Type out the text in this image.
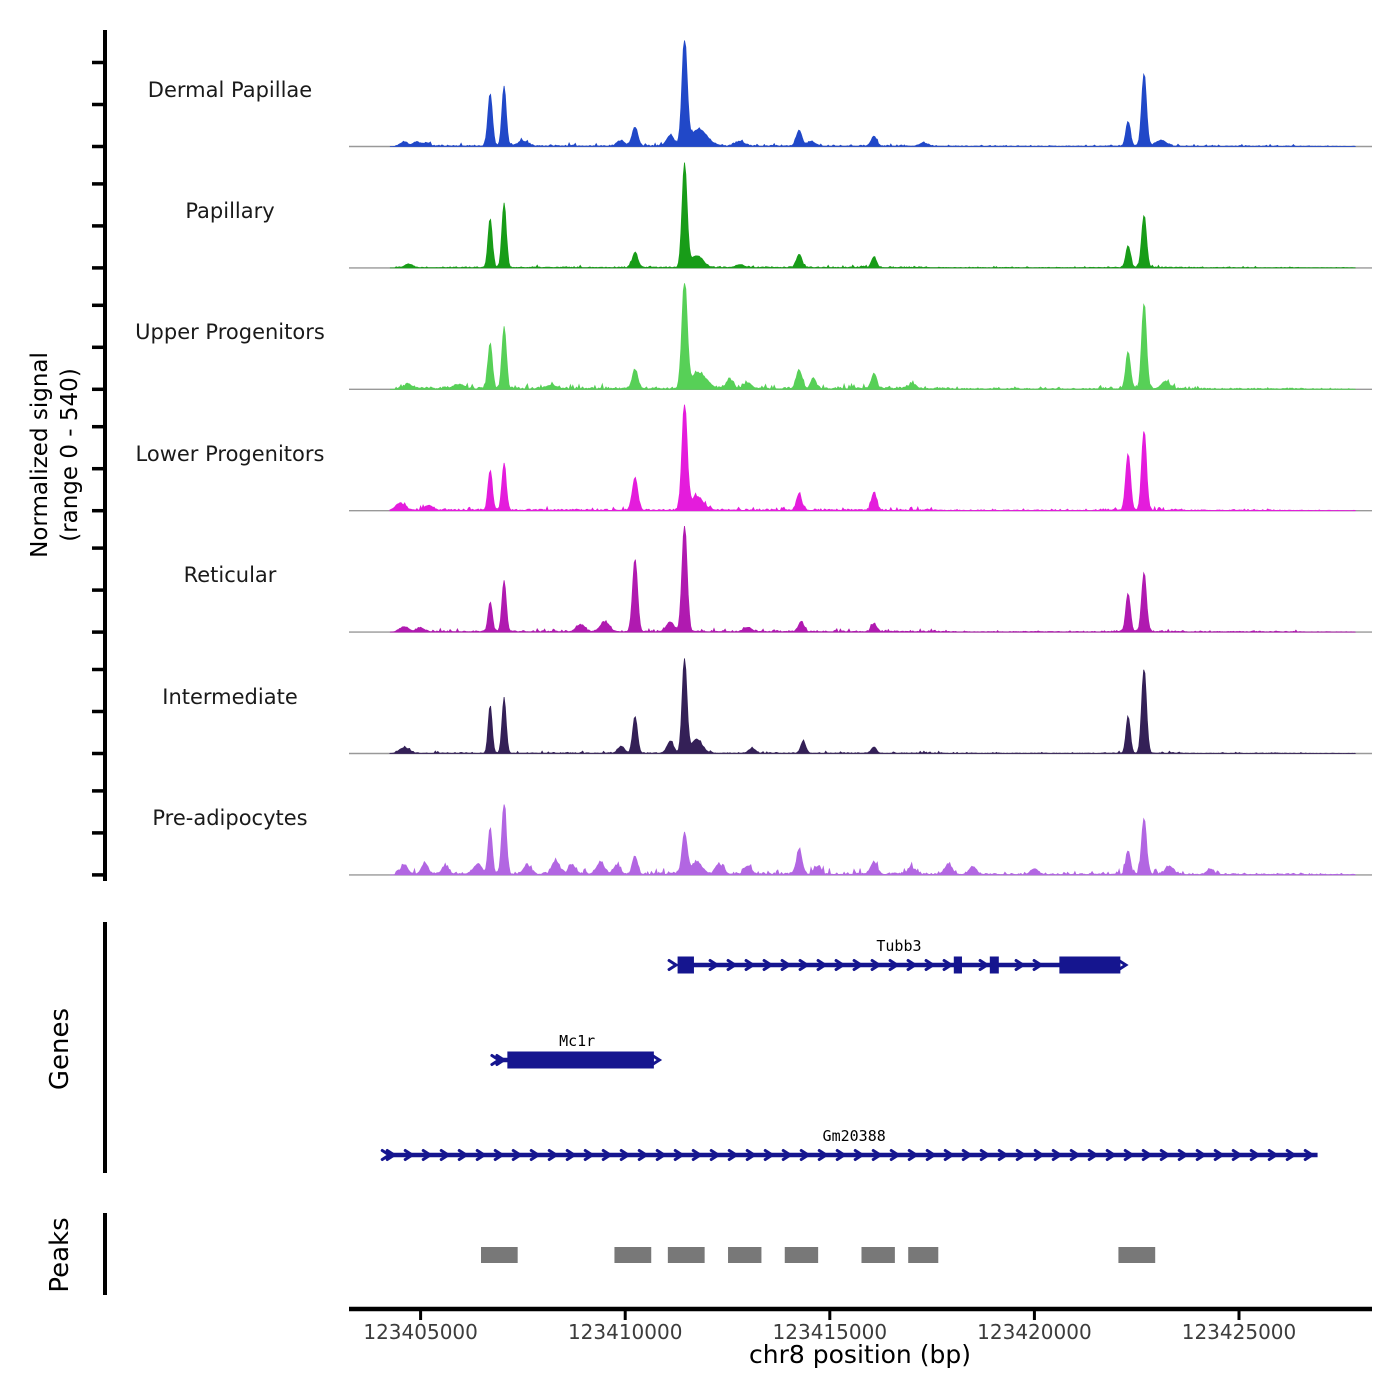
Normalized signal (range 0 - 540)
Dermal Papillae
Papillary
Upper Progenitors
Lower Progenitors
Reticular
Intermediate
Pre-adipocytes
Genes
Peaks
Tubb3
Mc1r
Gm20388
123405000	123410000	123415000	123420000	123425000
chr8 position (bp)
